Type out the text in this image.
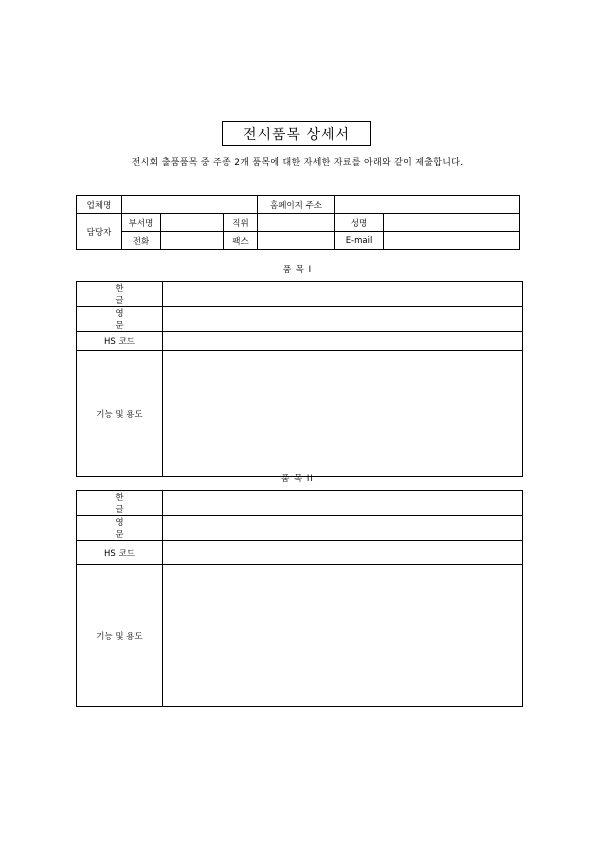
전시품목 상세서
전시회 출품품목 중 주종 2개 품목에 대한 자세한 자료를 아래와 같이 제출합니다.
업체명				홈페이지 주소		
담당자	부서명		직위		성명	
	전화		팩스		E-mail	
품 목 I
한 글	
영 문	
HS 코드	
기능 및 용도	
품 목 II
한 글	
영 문	
HS 코드	
기능 및 용도	
